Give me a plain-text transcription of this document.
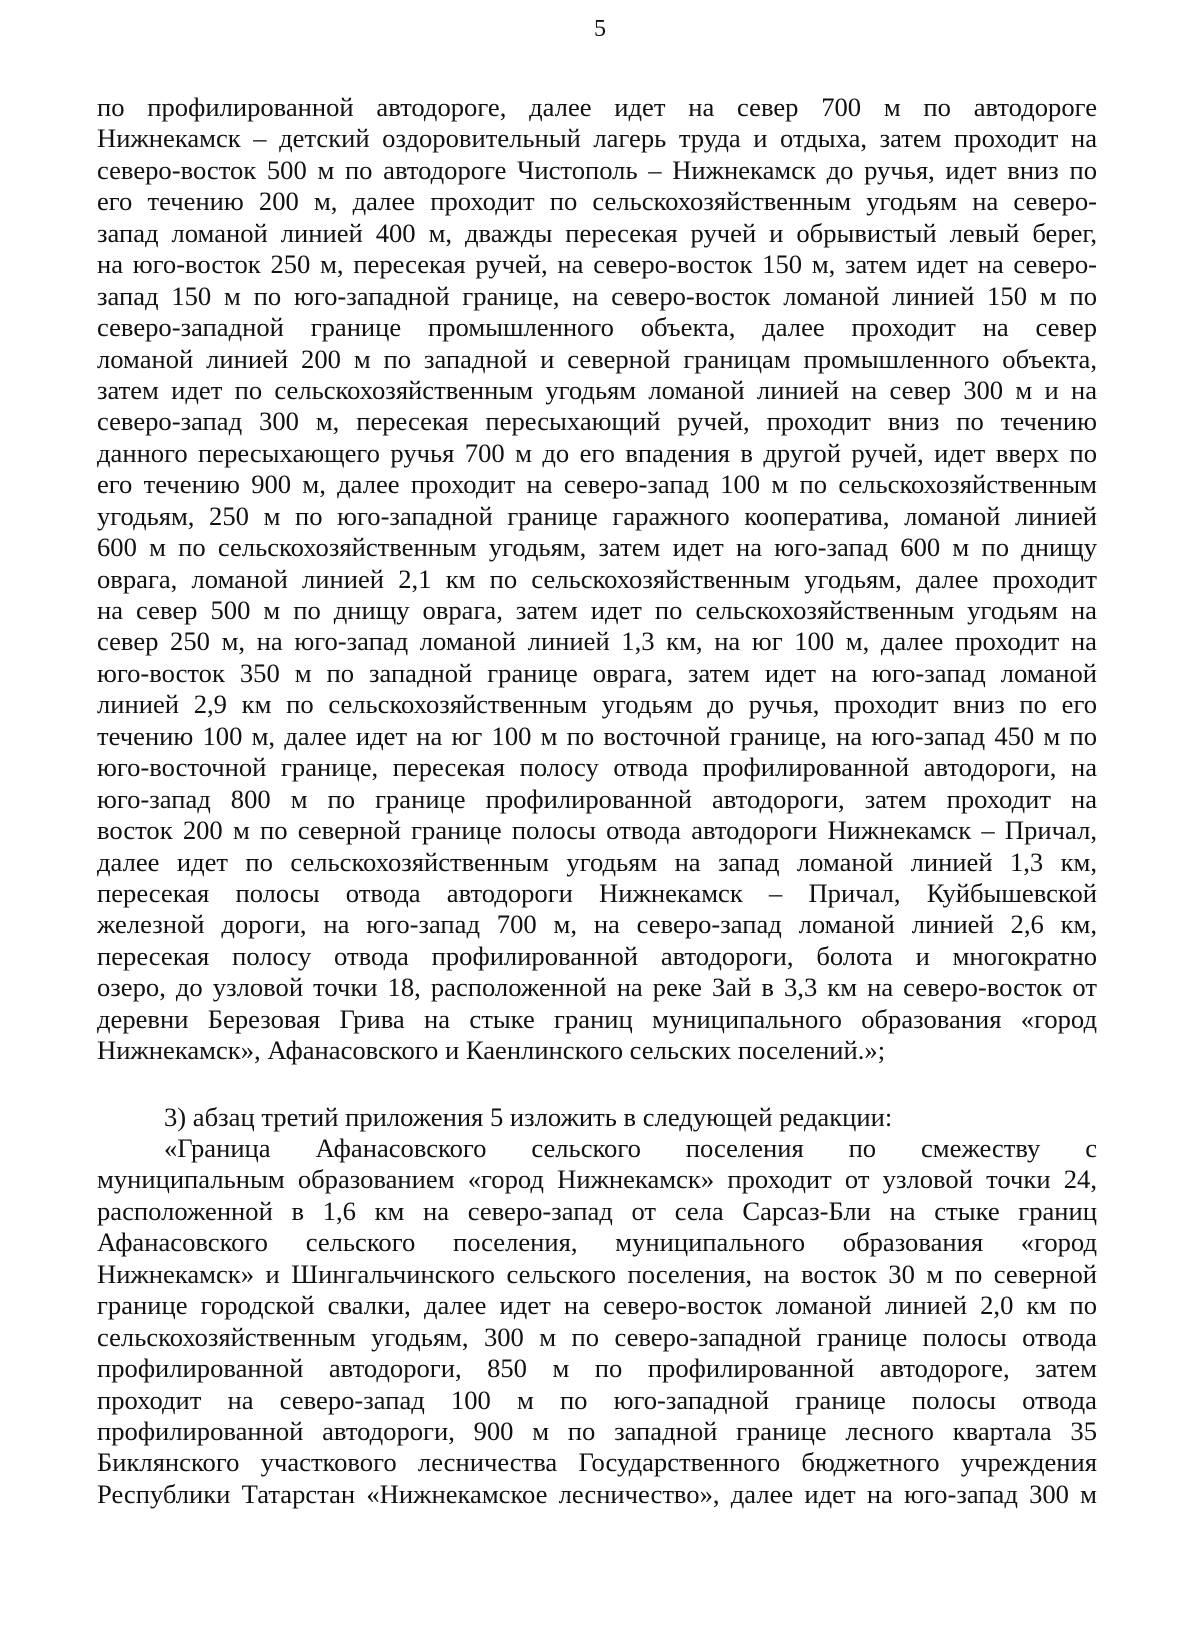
5
по профилированной автодороге, далее идет на север 700 м по автодороге
Нижнекамск – детский оздоровительный лагерь труда и отдыха, затем проходит на
северо-восток 500 м по автодороге Чистополь – Нижнекамск до ручья, идет вниз по
его течению 200 м, далее проходит по сельскохозяйственным угодьям на северо-
запад ломаной линией 400 м, дважды пересекая ручей и обрывистый левый берег,
на юго-восток 250 м, пересекая ручей, на северо-восток 150 м, затем идет на северо-
запад 150 м по юго-западной границе, на северо-восток ломаной линией 150 м по
северо-западной границе промышленного объекта, далее проходит на север
ломаной линией 200 м по западной и северной границам промышленного объекта,
затем идет по сельскохозяйственным угодьям ломаной линией на север 300 м и на
северо-запад 300 м, пересекая пересыхающий ручей, проходит вниз по течению
данного пересыхающего ручья 700 м до его впадения в другой ручей, идет вверх по
его течению 900 м, далее проходит на северо-запад 100 м по сельскохозяйственным
угодьям, 250 м по юго-западной границе гаражного кооператива, ломаной линией
600 м по сельскохозяйственным угодьям, затем идет на юго-запад 600 м по днищу
оврага, ломаной линией 2,1 км по сельскохозяйственным угодьям, далее проходит
на север 500 м по днищу оврага, затем идет по сельскохозяйственным угодьям на
север 250 м, на юго-запад ломаной линией 1,3 км, на юг 100 м, далее проходит на
юго-восток 350 м по западной границе оврага, затем идет на юго-запад ломаной
линией 2,9 км по сельскохозяйственным угодьям до ручья, проходит вниз по его
течению 100 м, далее идет на юг 100 м по восточной границе, на юго-запад 450 м по
юго-восточной границе, пересекая полосу отвода профилированной автодороги, на
юго-запад 800 м по границе профилированной автодороги, затем проходит на
восток 200 м по северной границе полосы отвода автодороги Нижнекамск – Причал,
далее идет по сельскохозяйственным угодьям на запад ломаной линией 1,3 км,
пересекая полосы отвода автодороги Нижнекамск – Причал, Куйбышевской
железной дороги, на юго-запад 700 м, на северо-запад ломаной линией 2,6 км,
пересекая полосу отвода профилированной автодороги, болота и многократно
озеро, до узловой точки 18, расположенной на реке Зай в 3,3 км на северо-восток от
деревни Березовая Грива на стыке границ муниципального образования «город
Нижнекамск», Афанасовского и Каенлинского сельских поселений.»;
3) абзац третий приложения 5 изложить в следующей редакции:
«Граница Афанасовского сельского поселения по смежеству с
муниципальным образованием «город Нижнекамск» проходит от узловой точки 24,
расположенной в 1,6 км на северо-запад от села Сарсаз-Бли на стыке границ
Афанасовского сельского поселения, муниципального образования «город
Нижнекамск» и Шингальчинского сельского поселения, на восток 30 м по северной
границе городской свалки, далее идет на северо-восток ломаной линией 2,0 км по
сельскохозяйственным угодьям, 300 м по северо-западной границе полосы отвода
профилированной автодороги, 850 м по профилированной автодороге, затем
проходит на северо-запад 100 м по юго-западной границе полосы отвода
профилированной автодороги, 900 м по западной границе лесного квартала 35
Биклянского участкового лесничества Государственного бюджетного учреждения
Республики Татарстан «Нижнекамское лесничество», далее идет на юго-запад 300 м
